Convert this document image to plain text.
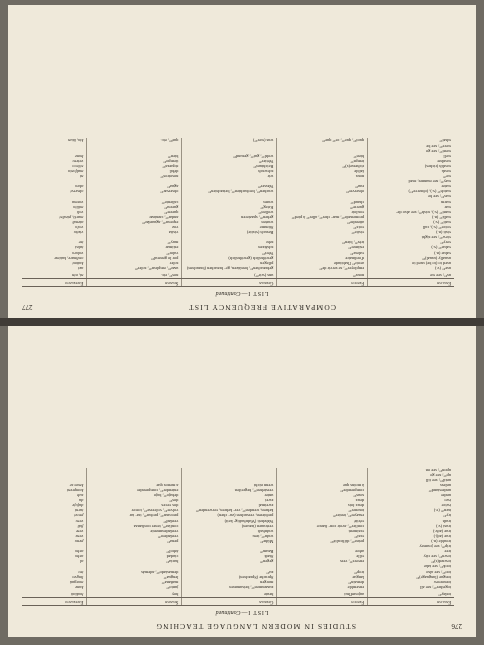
276
STUDIES IN MODERN LANGUAGE TEACHING
LIST I—Continued
English	French	German	Spanish	Esperanto
today³°	aujourd'hui	heute	hoy	hodiaŭ
together³°; see all	ensemble	zusammen³°, beisammen	junto³°	kune
tomorrow	demain³°	morgen	mañana³°	morgaŭ
tongue (language)³°	langue	Sprache (Sprachen)	lengua³°	lingvo
too³°; see also	trop³°	zu³°	demasiado³°, además	tro
took³°; see take				
toward(s)³°	envers³°, vers	gegen³°	hacia³°	al
town³°; see city	ville	Stadt	ciudad	urbo
tree	arbre	Baum³°	árbol³°	arbo
trip³°; see journey				
trouble (n.)	peine³°, difficulté³°	Mühe³°	pena³°	peno
true (adj.)	vrai³°	wahr³°, treu	verdadero³°	vera
true (adv.)	vraiment	wahrhaft	verdaderamente	vere
trust (v.)	confier³°, avoir con- fiance	vertrauen (trauen)	confiar³°, tener confianza	fidi
truth	vérité	Wahrheit (Wahrhaftig- keit)	verdad³°	vero
try³°	essayer³°, tenter³°	probieren, versuchen (zu- chen)	procurar³°, probar³°, tra- tar	provi
turn³° (v.)	tourner³°	kehren, wenden³°, ver- kehren, verwenden³°	volver³°, volverse³°, torcer	turni
twice	deux fois	zweimal	dos veces	dufoje
two	deux	zwei	dos³°	du
under	sous³°	unter	debajo³°, bajo	sub
understand³°	comprendre³°	verstehen³°, begreifen	entender³°, comprender	kompreni
unless	à moins que	wenn nicht	a menos que	krom se
until³°; see till				
up³°; see go				
upon³°; see on				
COMPARATIVE FREQUENCY LIST
277
LIST I—Continued
English	French	German	Spanish	Esperanto
us³°; see we	nous³°	uns (wir³°)	nos³°, etc.	ni, nin
use³° (v.)	employer³°, se servir de³°	gebrauchen³°, benützen, ge- brauchen (brauchen)	usar³°, emplear³°, soler³°	uzi
used to (to be) used to	avoir³° l'habitude	pflegen	soler	kutimi
usually (usual)³°	d'ordinaire	gewöhnlich (gewöhnlich)	por lo general³°	ordinare, kutime
value (n.)	valeur³°	Wert³°	valor³°	valoro
value³° (v.)	estimer³°	schätzen	estimar	taksi
very³°	très³°, bien³°	sehr	muy³°	tre
view³°; see sight				
visit (n.)	visite³°	Besuch (visite)	visita	vizito
voice³° (v.), call	voix³°	Stimme	voz	voĉo
wait³° (v.)	attendre³°	warten	esperar³°, aguardar³°	atendi
walk³° (n.)	promenade³°, mar- cher³°, aller³° à pied³°	gehen³°, spazieren	andar³°, caminar	marŝi, piediri
want³° (v.), wish³°; see also de-	vouloir	wollen³°	querer³°	voli
war	guerre³°	Krieg³°	guerra³°	milito
warm	chaud³°	warm	caliente³°	varma
was³°; see be				
watch³° (v.), (observe³°)	observer³°	wachen³°, beobachten³°, betrachten³°	observar³°	observi
water	eau³°	Wasser³°	agua³°	akvo
way³°; see manner, road				
we³°	nous	wir	nosotros³°	ni
weak	faible	schwach	débil	malforta
wealth (riches)	richesse(s)³°	Reichtum³°	riqueza³°	riĉeco
weather	temps³°	Wetter³°	tiempo³°	vetero
well	bien³°	wohl³°, gut³°, gesund³°	bien³°	bone
went³°; see go				
were³°; see be				
what³°	quoi³°, que³°, ce³° que³°	was (wer³°)	qué³°, etc.	kio, kiun
